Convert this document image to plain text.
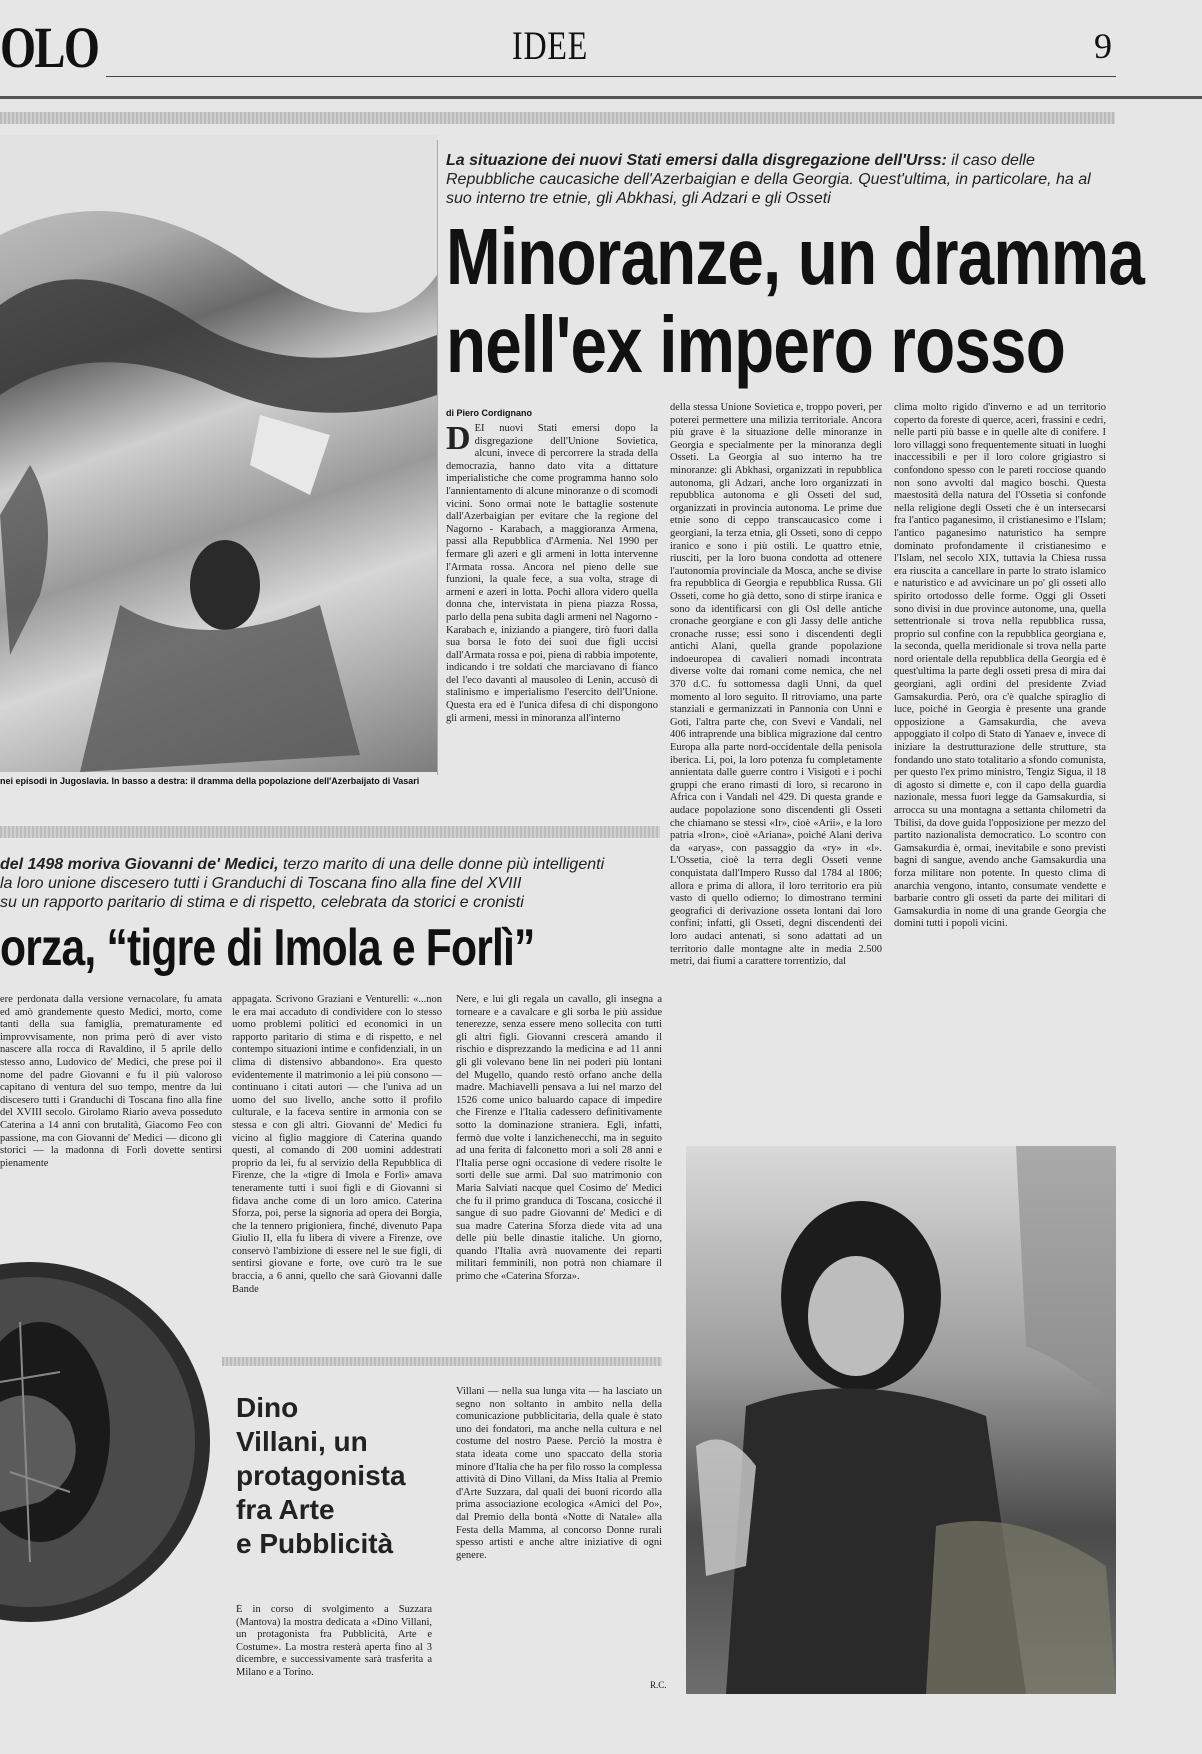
OLO	IDEE	9
nei episodi in Jugoslavia. In basso a destra: il dramma della popolazione dell'Azerbaijato di Vasari
La situazione dei nuovi Stati emersi dalla disgregazione dell'Urss: il caso delle Repubbliche caucasiche dell'Azerbaigian e della Georgia. Quest'ultima, in particolare, ha al suo interno tre etnie, gli Abkhasi, gli Adzari e gli Osseti
Minoranze, un dramma
nell'ex impero rosso
di Piero Cordignano
DEI nuovi Stati emersi dopo la disgregazione dell'Unione Sovietica, alcuni, invece di percorrere la strada della democrazia, hanno dato vita a dittature imperialistiche che come programma hanno solo l'annientamento di alcune minoranze o di scomodi vicini. Sono ormai note le battaglie sostenute dall'Azerbaigian per evitare che la regione del Nagorno - Karabach, a maggioranza Armena, passi alla Repubblica d'Armenia. Nel 1990 per fermare gli azeri e gli armeni in lotta intervenne l'Armata rossa. Ancora nel pieno delle sue funzioni, la quale fece, a sua volta, strage di armeni e azeri in lotta. Pochi allora videro quella donna che, intervistata in piena piazza Rossa, parlo della pena subita dagli armeni nel Nagorno - Karabach e, iniziando a piangere, tirò fuori dalla sua borsa le foto dei suoi due figli uccisi dall'Armata rossa e poi, piena di rabbia impotente, indicando i tre soldati che marciavano di fianco del l'eco davanti al mausoleo di Lenin, accusò di stalinismo e imperialismo l'esercito dell'Unione. Questa era ed è l'unica difesa di chi dispongono gli armeni, messi in minoranza all'interno
della stessa Unione Sovietica e, troppo poveri, per poterei permettere una milizia territoriale. Ancora più grave è la situazione delle minoranze in Georgia e specialmente per la minoranza degli Osseti. La Georgia al suo interno ha tre minoranze: gli Abkhasi, organizzati in repubblica autonoma, gli Adzari, anche loro organizzati in repubblica autonoma e gli Osseti del sud, organizzati in provincia autonoma. Le prime due etnie sono di ceppo transcaucasico come i georgiani, la terza etnia, gli Osseti, sono di ceppo iranico e sono i più ostili. Le quattro etnie, riusciti, per la loro buona condotta ad ottenere l'autonomia provinciale da Mosca, anche se divise fra repubblica di Georgia e repubblica Russa. Gli Osseti, come ho già detto, sono di stirpe iranica e sono da identificarsi con gli Osl delle antiche cronache georgiane e con gli Jassy delle antiche cronache russe; essi sono i discendenti degli antichi Alani, quella grande popolazione indoeuropea di cavalieri nomadi incontrata diverse volte dai romani come nemica, che nel 370 d.C. fu sottomessa dagli Unni, da quel momento al loro seguito. Il ritroviamo, una parte stanziali e germanizzati in Pannonia con Unni e Goti, l'altra parte che, con Svevi e Vandali, nel 406 intraprende una biblica migrazione dal centro Europa alla parte nord-occidentale della penisola iberica. Li, poi, la loro potenza fu completamente annientata dalle guerre contro i Visigoti e i pochi gruppi che erano rimasti di loro, si recarono in Africa con i Vandali nel 429. Di questa grande e audace popolazione sono discendenti gli Osseti che chiamano se stessi «Ir», cioè «Arii», e la loro patria «Iron», cioè «Ariana», poiché Alani deriva da «aryas», con passaggio da «ry» in «l». L'Ossetia, cioè la terra degli Osseti venne conquistata dall'Impero Russo dal 1784 al 1806; allora e prima di allora, il loro territorio era più vasto di quello odierno; lo dimostrano termini geografici di derivazione osseta lontani dai loro confini; infatti, gli Osseti, degni discendenti dei loro audaci antenati, si sono adattati ad un territorio dalle montagne alte in media 2.500 metri, dai fiumi a carattere torrentizio, dal
clima molto rigido d'inverno e ad un territorio coperto da foreste di querce, aceri, frassini e cedri, nelle parti più basse e in quelle alte di conifere. I loro villaggi sono frequentemente situati in luoghi inaccessibili e per il loro colore grigiastro si confondono spesso con le pareti rocciose quando non sono avvolti dal magico boschi. Questa maestosità della natura del l'Ossetia si confonde nella religione degli Osseti che è un intersecarsi fra l'antico paganesimo, il cristianesimo e l'Islam; l'antico paganesimo naturistico ha sempre dominato profondamente il cristianesimo e l'Islam, nel secolo XIX, tuttavia la Chiesa russa era riuscita a cancellare in parte lo strato islamico e naturistico e ad avvicinare un po' gli osseti allo spirito ortodosso delle forme. Oggi gli Osseti sono divisi in due province autonome, una, quella settentrionale si trova nella repubblica russa, proprio sul confine con la repubblica georgiana e, la seconda, quella meridionale si trova nella parte nord orientale della repubblica della Georgia ed è quest'ultima la parte degli osseti presa di mira dai georgiani, agli ordini del presidente Zviad Gamsakurdia. Però, ora c'è qualche spiraglio di luce, poiché in Georgia è presente una grande opposizione a Gamsakurdia, che aveva appoggiato il colpo di Stato di Yanaev e, invece di iniziare la destrutturazione delle strutture, sta fondando uno stato totalitario a sfondo comunista, per questo l'ex primo ministro, Tengiz Sigua, il 18 di agosto si dimette e, con il capo della guardia nazionale, messa fuori legge da Gamsakurdia, si arrocca su una montagna a settanta chilometri da Tbilisi, da dove guida l'opposizione per mezzo del partito nazionalista democratico. Lo scontro con Gamsakurdia è, ormai, inevitabile e sono previsti bagni di sangue, avendo anche Gamsakurdia una forza militare non potente. In questo clima di anarchia vengono, intanto, consumate vendette e barbarie contro gli osseti da parte dei militari di Gamsakurdia in nome di una grande Georgia che domini tutti i popoli vicini.
del 1498 moriva Giovanni de' Medici, terzo marito di una delle donne più intelligenti
la loro unione discesero tutti i Granduchi di Toscana fino alla fine del XVIII
su un rapporto paritario di stima e di rispetto, celebrata da storici e cronisti
orza, “tigre di Imola e Forlì”
ere perdonata dalla versione vernacolare, fu amata ed amò grandemente questo Medici, morto, come tanti della sua famiglia, prematuramente ed improvvisamente, non prima però di aver visto nascere alla rocca di Ravaldino, il 5 aprile dello stesso anno, Ludovico de' Medici, che prese poi il nome del padre Giovanni e fu il più valoroso capitano di ventura del suo tempo, mentre da lui discesero tutti i Granduchi di Toscana fino alla fine del XVIII secolo. Girolamo Riario aveva posseduto Caterina a 14 anni con brutalità, Giacomo Feo con passione, ma con Giovanni de' Medici — dicono gli storici — la madonna di Forlì dovette sentirsi pienamente
appagata. Scrivono Graziani e Venturelli: «...non le era mai accaduto di condividere con lo stesso uomo problemi politici ed economici in un rapporto paritario di stima e di rispetto, e nel contempo situazioni intime e confidenziali, in un clima di distensivo abbandono». Era questo evidentemente il matrimonio a lei più consono — continuano i citati autori — che l'univa ad un uomo del suo livello, anche sotto il profilo culturale, e la faceva sentire in armonia con se stessa e con gli altri. Giovanni de' Medici fu vicino al figlio maggiore di Caterina quando questi, al comando di 200 uomini addestrati proprio da lei, fu al servizio della Repubblica di Firenze, che la «tigre di Imola e Forlì» amava teneramente tutti i suoi figli e di Giovanni si fidava anche come di un loro amico. Caterina Sforza, poi, perse la signoria ad opera dei Borgia, che la tennero prigioniera, finché, divenuto Papa Giulio II, ella fu libera di vivere a Firenze, ove conservò l'ambizione di essere nel le sue figli, di sentirsi giovane e forte, ove curò tra le sue braccia, a 6 anni, quello che sarà Giovanni dalle Bande
Nere, e lui gli regala un cavallo, gli insegna a torneare e a cavalcare e gli sorba le più assidue tenerezze, senza essere meno sollecita con tutti gli altri figli. Giovanni crescerà amando il rischio e disprezzando la medicina e ad 11 anni gli gli volevano bene lin nei poderi più lontani del Mugello, quando restò orfano anche della madre. Machiavelli pensava a lui nel marzo del 1526 come unico baluardo capace di impedire che Firenze e l'Italia cadessero definitivamente sotto la dominazione straniera. Egli, infatti, fermò due volte i lanzichenecchi, ma in seguito ad una ferita di falconetto morì a soli 28 anni e l'Italia perse ogni occasione di vedere risolte le sorti delle sue armi. Dal suo matrimonio con Maria Salviati nacque quel Cosimo de' Medici che fu il primo granduca di Toscana, cosicché il sangue di suo padre Giovanni de' Medici e di sua madre Caterina Sforza diede vita ad una delle più belle dinastie italiche. Un giorno, quando l'Italia avrà nuovamente dei reparti militari femminili, non potrà non chiamare il primo che «Caterina Sforza».
Dino
Villani, un
protagonista
fra Arte
e Pubblicità
È in corso di svolgimento a Suzzara (Mantova) la mostra dedicata a «Dino Villani, un protagonista fra Pubblicità, Arte e Costume». La mostra resterà aperta fino al 3 dicembre, e successivamente sarà trasferita a Milano e a Torino.
Villani — nella sua lunga vita — ha lasciato un segno non soltanto in ambito nella della comunicazione pubblicitaria, della quale è stato uno dei fondatori, ma anche nella cultura e nel costume del nostro Paese. Perciò la mostra è stata ideata come uno spaccato della storia minore d'Italia che ha per filo rosso la complessa attività di Dino Villani, da Miss Italia al Premio d'Arte Suzzara, dal quali dei buoni ricordo alla prima associazione ecologica «Amici del Po», dal Premio della bontà «Notte di Natale» alla Festa della Mamma, al concorso Donne rurali spesso artisti e anche altre iniziative di ogni genere.
R.C.
